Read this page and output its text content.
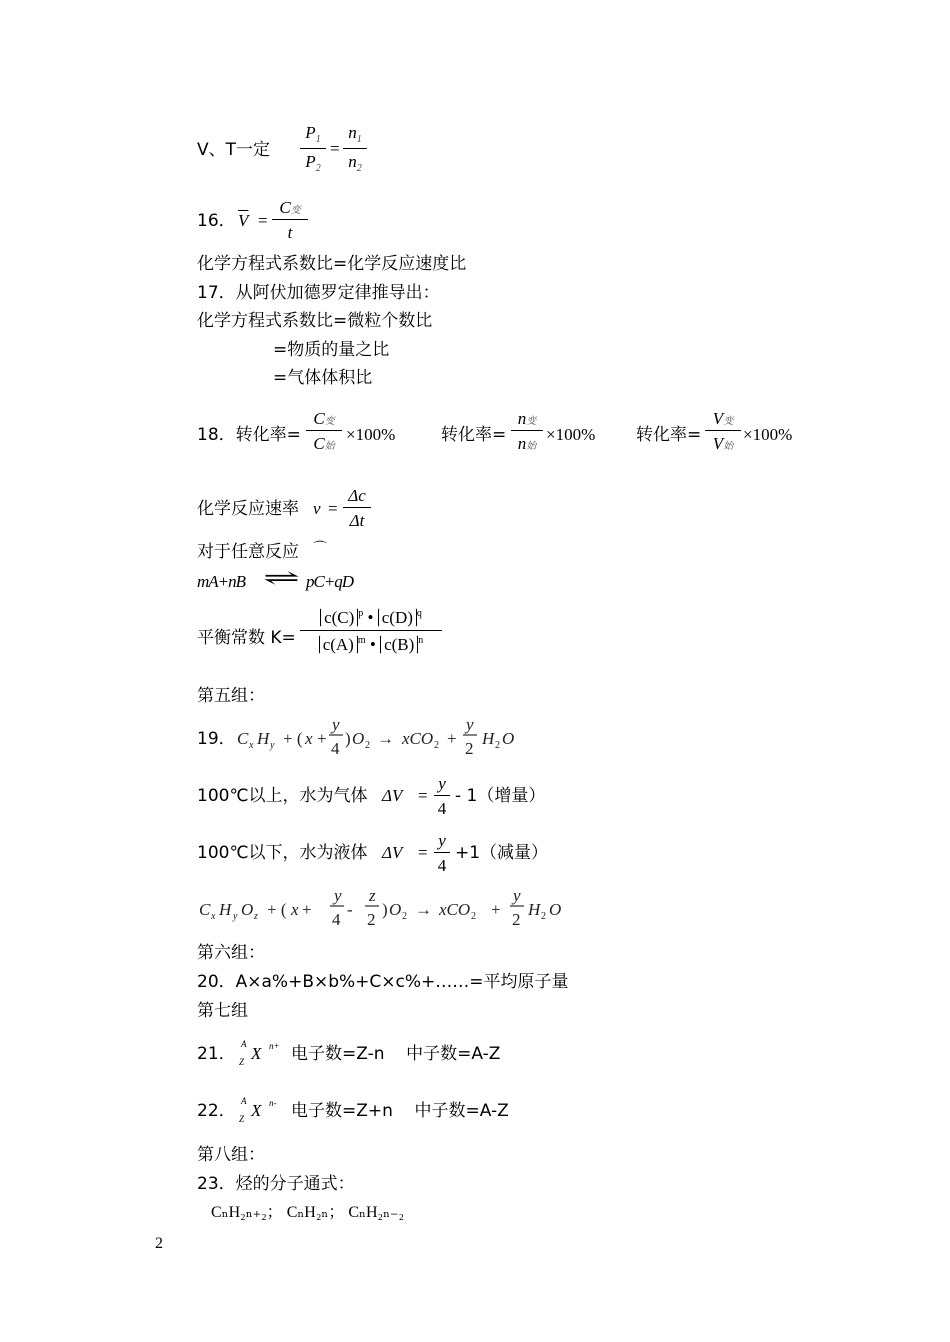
V、T一定
$P_1$
$P_2$
=
$n_1$
$n_2$
16． $\overline{V}$ =
C变
t
化学方程式系数比=化学反应速度比
17．从阿伏加德罗定律推导出：
化学方程式系数比=微粒个数比
=物质的量之比
=气体体积比
18．转化率=
C变
C始
×100%	转化率=
n变
n始
×100% 转化率=
V变
V始
×100%
化学反应速率 v =
Δc
Δt
对于任意反应 ⌒
mA+nB ⇌ pC+qD
平衡常数 K=
c(C) $^p$ • c(D) $^q$
c(A) $^m$ • c(B) $^n$
第五组：
19． C x H y + ( x +
y
4
) O 2 → xCO 2 +
y
2
H 2 O
100℃以上，水为气体 ΔV =
y
4
- 1（增量）
100℃以下，水为液体 ΔV =
y
4
+1（减量）
C x H y O z + ( x +
y
4
-
z
2
) O 2 → xCO 2 +
y
2
H 2 O
第六组：
20．A×a%+B×b%+C×c%+……=平均原子量
第七组
21． A
Z X n+ 电子数=Z-n    中子数=A-Z
22． A
Z X n- 电子数=Z+n    中子数=A-Z
第八组：
23．烃的分子通式：
CₙH₂ₙ₊₂； CₙH₂ₙ； CₙH₂ₙ₋₂
2
